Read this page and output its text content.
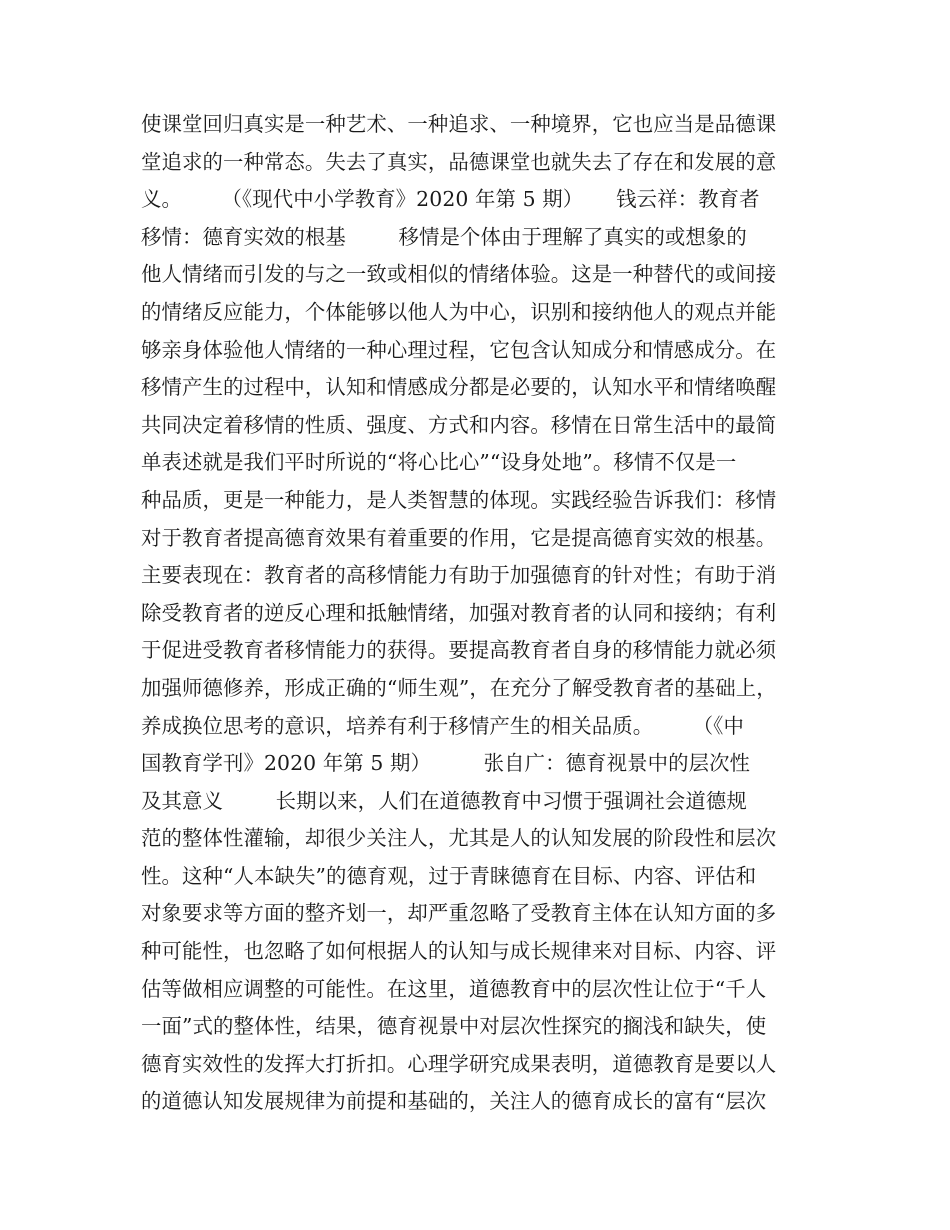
使课堂回归真实是一种艺术、一种追求、一种境界，它也应当是品德课
堂追求的一种常态。失去了真实，品德课堂也就失去了存在和发展的意
义。      （《现代中小学教育》2020 年第 5 期）     钱云祥：教育者
移情：德育实效的根基        移情是个体由于理解了真实的或想象的
他人情绪而引发的与之一致或相似的情绪体验。这是一种替代的或间接
的情绪反应能力，个体能够以他人为中心，识别和接纳他人的观点并能
够亲身体验他人情绪的一种心理过程，它包含认知成分和情感成分。在
移情产生的过程中，认知和情感成分都是必要的，认知水平和情绪唤醒
共同决定着移情的性质、强度、方式和内容。移情在日常生活中的最简
单表述就是我们平时所说的“将心比心”“设身处地”。移情不仅是一
种品质，更是一种能力，是人类智慧的体现。实践经验告诉我们：移情
对于教育者提高德育效果有着重要的作用，它是提高德育实效的根基。
主要表现在：教育者的高移情能力有助于加强德育的针对性；有助于消
除受教育者的逆反心理和抵触情绪，加强对教育者的认同和接纳；有利
于促进受教育者移情能力的获得。要提高教育者自身的移情能力就必须
加强师德修养，形成正确的“师生观”，在充分了解受教育者的基础上，
养成换位思考的意识，培养有利于移情产生的相关品质。      （《中
国教育学刊》2020 年第 5 期）        张自广：德育视景中的层次性
及其意义        长期以来，人们在道德教育中习惯于强调社会道德规
范的整体性灌输，却很少关注人，尤其是人的认知发展的阶段性和层次
性。这种“人本缺失”的德育观，过于青睐德育在目标、内容、评估和
对象要求等方面的整齐划一，却严重忽略了受教育主体在认知方面的多
种可能性，也忽略了如何根据人的认知与成长规律来对目标、内容、评
估等做相应调整的可能性。在这里，道德教育中的层次性让位于“千人
一面”式的整体性，结果，德育视景中对层次性探究的搁浅和缺失，使
德育实效性的发挥大打折扣。心理学研究成果表明，道德教育是要以人
的道德认知发展规律为前提和基础的，关注人的德育成长的富有“层次
